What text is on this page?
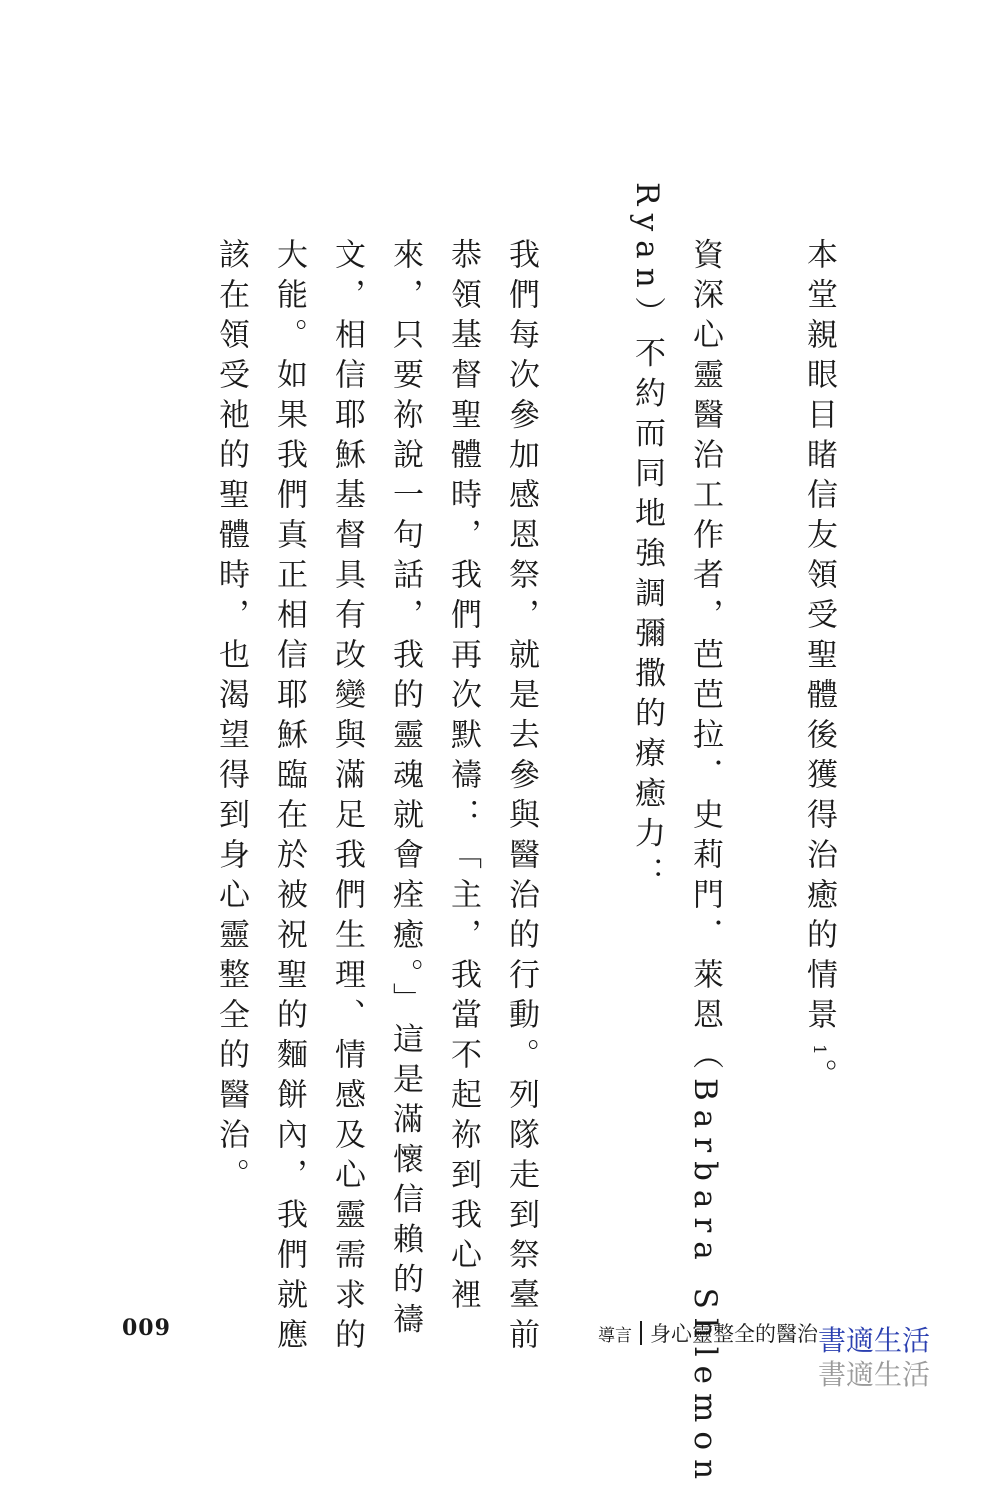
本堂親眼目睹信友領受聖體後獲得治癒的情景1。
資深心靈醫治工作者，芭芭拉．史莉門．萊恩（Barbara Shlemon
Ryan）不約而同地強調彌撒的療癒力：
我們每次參加感恩祭，就是去參與醫治的行動。列隊走到祭臺前
恭領基督聖體時，我們再次默禱：「主，我當不起祢到我心裡
來，只要祢說一句話，我的靈魂就會痊癒。」這是滿懷信賴的禱
文，相信耶穌基督具有改變與滿足我們生理、情感及心靈需求的
大能。如果我們真正相信耶穌臨在於被祝聖的麵餅內，我們就應
該在領受祂的聖體時，也渴望得到身心靈整全的醫治。
009	導言 身心靈整全的醫治 書適生活
書適生活
